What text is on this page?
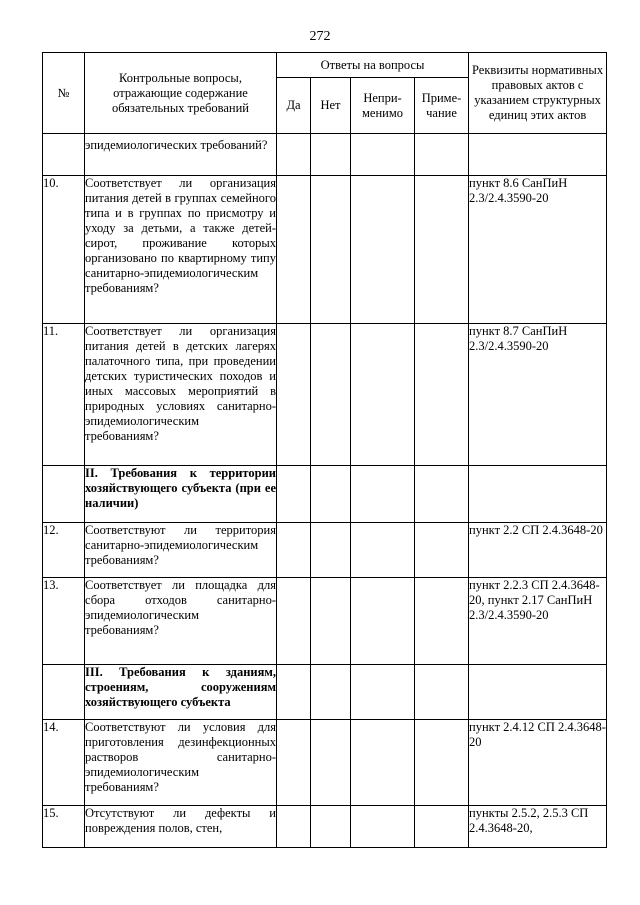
272
№	Контрольные вопросы, отражающие содержание обязательных требований	Ответы на вопросы				Реквизиты нормативных правовых актов с указанием структурных единиц этих актов
		Да	Нет	Непри-менимо	Приме-чание	
	эпидемиологических требований?					
10.	Соответствует ли организация питания детей в группах семейного типа и в группах по присмотру и уходу за детьми, а также детей-сирот, проживание которых организовано по квартирному типу санитарно-эпидемиологическим требованиям?					пункт 8.6 СанПиН 2.3/2.4.3590-20
11.	Соответствует ли организация питания детей в детских лагерях палаточного типа, при проведении детских туристических походов и иных массовых мероприятий в природных условиях санитарно-эпидемиологическим требованиям?					пункт 8.7 СанПиН 2.3/2.4.3590-20
	II. Требования к территории хозяйствующего субъекта (при ее наличии)					
12.	Соответствуют ли территория санитарно-эпидемиологическим требованиям?					пункт 2.2 СП 2.4.3648-20
13.	Соответствует ли площадка для сбора отходов санитарно-эпидемиологическим требованиям?					пункт 2.2.3 СП 2.4.3648-20, пункт 2.17 СанПиН 2.3/2.4.3590-20
	III. Требования к зданиям, строениям, сооружениям хозяйствующего субъекта					
14.	Соответствуют ли условия для приготовления дезинфекционных растворов санитарно-эпидемиологическим требованиям?					пункт 2.4.12 СП 2.4.3648-20
15.	Отсутствуют ли дефекты и повреждения полов, стен,					пункты 2.5.2, 2.5.3 СП 2.4.3648-20,
